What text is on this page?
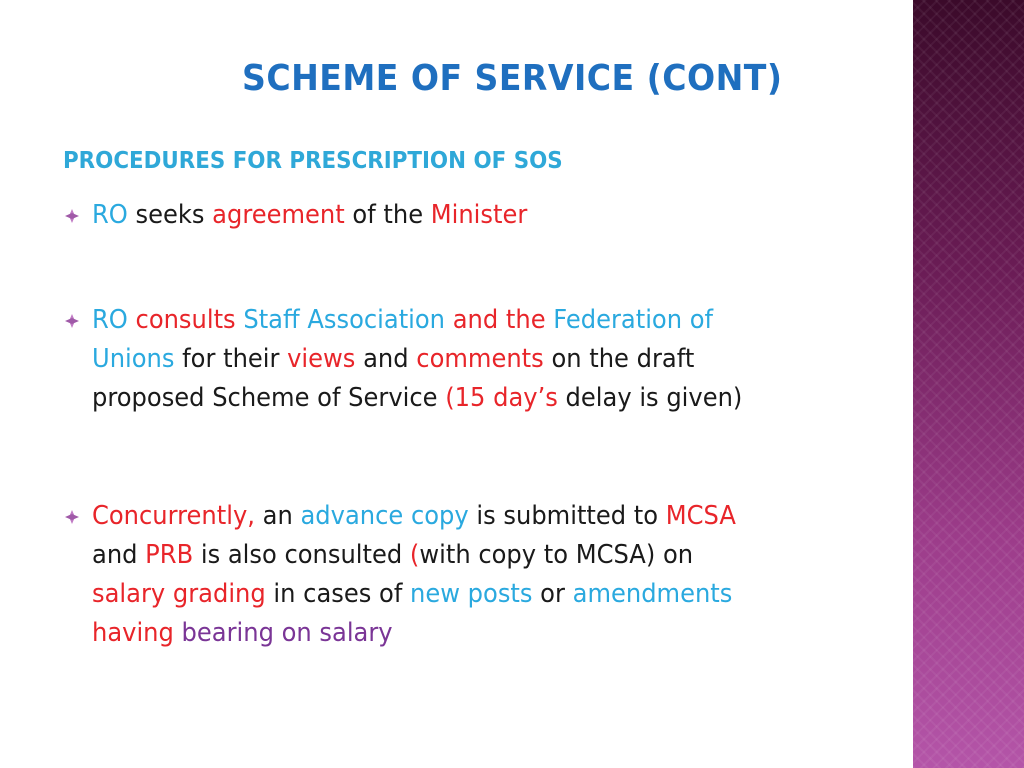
SCHEME OF SERVICE (CONT)
PROCEDURES FOR PRESCRIPTION OF SOS
RO seeks agreement of the Minister
RO consults Staff Association and the Federation of
Unions for their views and comments on the draft
proposed Scheme of Service (15 day’s delay is given)
Concurrently, an advance copy is submitted to MCSA
and PRB is also consulted (with copy to MCSA) on
salary grading in cases of new posts or amendments
having bearing on salary
